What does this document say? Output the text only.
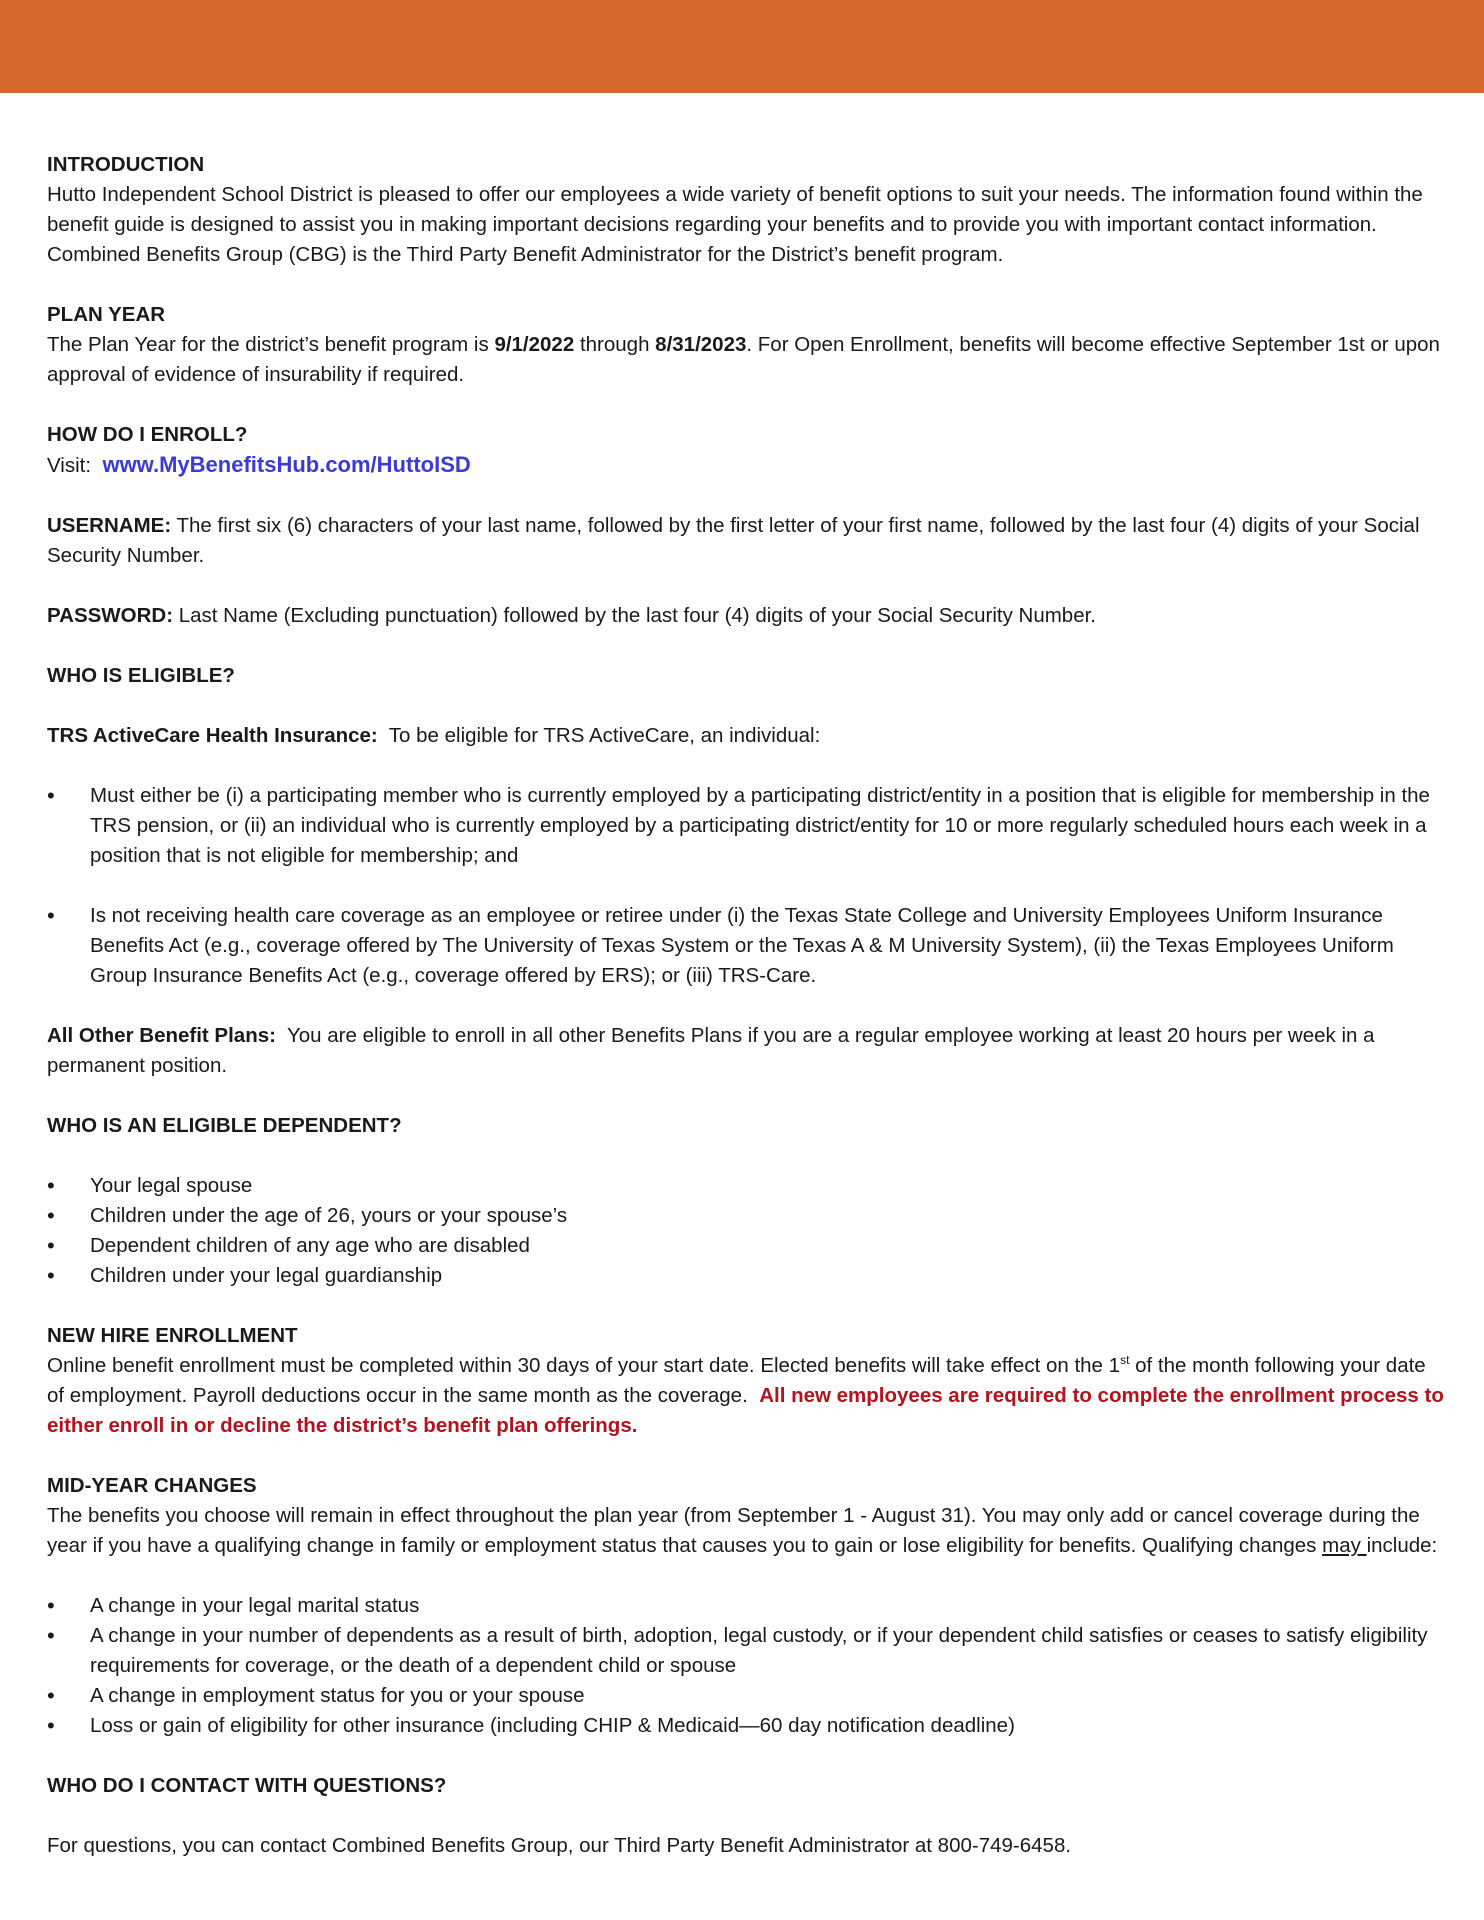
INTRODUCTION

Hutto Independent School District is pleased to offer our employees a wide variety of benefit options to suit your needs. The information found within the benefit guide is designed to assist you in making important decisions regarding your benefits and to provide you with important contact information. Combined Benefits Group (CBG) is the Third Party Benefit Administrator for the District’s benefit program.

PLAN YEAR

The Plan Year for the district’s benefit program is 9/1/2022 through 8/31/2023. For Open Enrollment, benefits will become effective September 1st or upon approval of evidence of insurability if required.

HOW DO I ENROLL?

Visit:  www.MyBenefitsHub.com/HuttoISD

USERNAME: The first six (6) characters of your last name, followed by the first letter of your first name, followed by the last four (4) digits of your Social Security Number.

PASSWORD: Last Name (Excluding punctuation) followed by the last four (4) digits of your Social Security Number.

WHO IS ELIGIBLE?

TRS ActiveCare Health Insurance:  To be eligible for TRS ActiveCare, an individual:

• Must either be (i) a participating member who is currently employed by a participating district/entity in a position that is eligible for membership in the TRS pension, or (ii) an individual who is currently employed by a participating district/entity for 10 or more regularly scheduled hours each week in a position that is not eligible for membership; and
• Is not receiving health care coverage as an employee or retiree under (i) the Texas State College and University Employees Uniform Insurance Benefits Act (e.g., coverage offered by The University of Texas System or the Texas A & M University System), (ii) the Texas Employees Uniform Group Insurance Benefits Act (e.g., coverage offered by ERS); or (iii) TRS-Care.

All Other Benefit Plans:  You are eligible to enroll in all other Benefits Plans if you are a regular employee working at least 20 hours per week in a permanent position.

WHO IS AN ELIGIBLE DEPENDENT?

• Your legal spouse
• Children under the age of 26, yours or your spouse’s
• Dependent children of any age who are disabled
• Children under your legal guardianship

NEW HIRE ENROLLMENT

Online benefit enrollment must be completed within 30 days of your start date. Elected benefits will take effect on the 1st of the month following your date of employment. Payroll deductions occur in the same month as the coverage.  All new employees are required to complete the enrollment process to either enroll in or decline the district’s benefit plan offerings.

MID-YEAR CHANGES

The benefits you choose will remain in effect throughout the plan year (from September 1 - August 31). You may only add or cancel coverage during the year if you have a qualifying change in family or employment status that causes you to gain or lose eligibility for benefits. Qualifying changes may include:

• A change in your legal marital status
• A change in your number of dependents as a result of birth, adoption, legal custody, or if your dependent child satisfies or ceases to satisfy eligibility requirements for coverage, or the death of a dependent child or spouse
• A change in employment status for you or your spouse
• Loss or gain of eligibility for other insurance (including CHIP & Medicaid—60 day notification deadline)

WHO DO I CONTACT WITH QUESTIONS?

For questions, you can contact Combined Benefits Group, our Third Party Benefit Administrator at 800-749-6458.
